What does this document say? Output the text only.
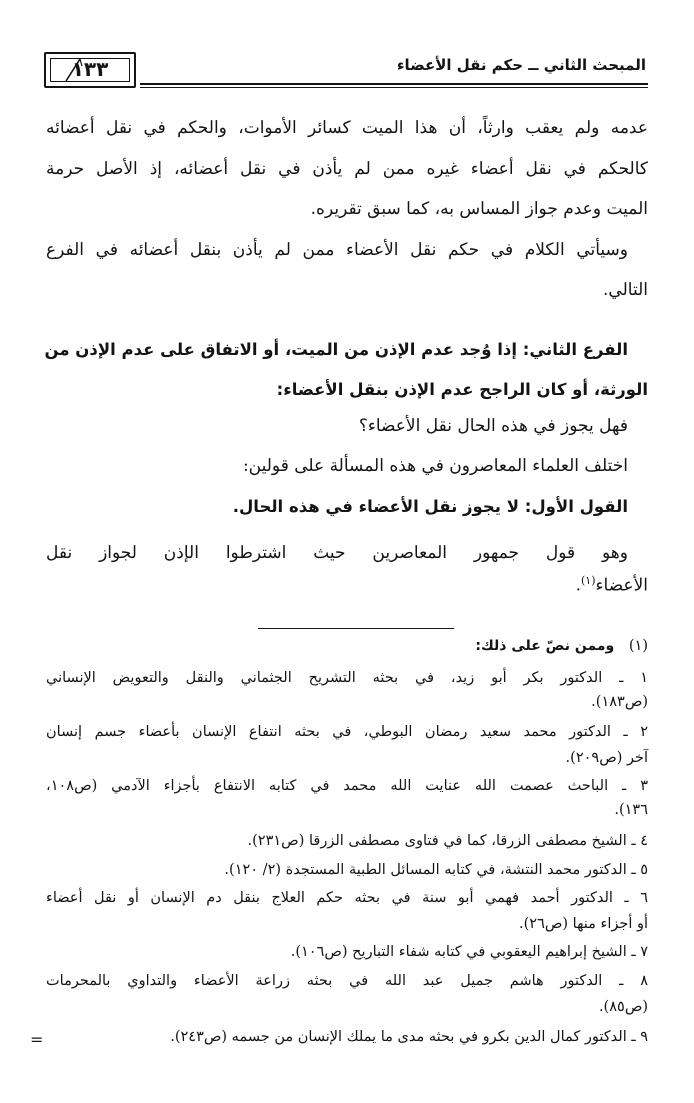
المبحث الثاني ــ حكم نقل الأعضاء
١٣٣
عدمه ولم يعقب وارثاً، أن هذا الميت كسائر الأموات، والحكم في نقل أعضائه
كالحكم في نقل أعضاء غيره ممن لم يأذن في نقل أعضائه، إذ الأصل حرمة
الميت وعدم جواز المساس به، كما سبق تقريره.
وسيأتي الكلام في حكم نقل الأعضاء ممن لم يأذن بنقل أعضائه في الفرع
التالي.
الفرع الثاني: إذا وُجد عدم الإذن من الميت، أو الاتفاق على عدم الإذن من
الورثة، أو كان الراجح عدم الإذن بنقل الأعضاء:
فهل يجوز في هذه الحال نقل الأعضاء؟
اختلف العلماء المعاصرون في هذه المسألة على قولين:
القول الأول: لا يجوز نقل الأعضاء في هذه الحال.
وهو قول جمهور المعاصرين حيث اشترطوا الإذن لجواز نقل
الأعضاء$^{(١)}$.
(١) وممن نصّ على ذلك:
١ ـ الدكتور بكر أبو زيد، في بحثه التشريح الجثماني والنقل والتعويض الإنساني
(ص١٨٣).
٢ ـ الدكتور محمد سعيد رمضان البوطي، في بحثه انتفاع الإنسان بأعضاء جسم إنسان
آخر (ص٢٠٩).
٣ ـ الباحث عصمت الله عنايت الله محمد في كتابه الانتفاع بأجزاء الآدمي (ص١٠٨،
١٣٦).
٤ ـ الشيخ مصطفى الزرقا، كما في فتاوى مصطفى الزرقا (ص٢٣١).
٥ ـ الدكتور محمد النتشة، في كتابه المسائل الطبية المستجدة (٢/ ١٢٠).
٦ ـ الدكتور أحمد فهمي أبو سنة في بحثه حكم العلاج بنقل دم الإنسان أو نقل أعضاء
أو أجزاء منها (ص٢٦).
٧ ـ الشيخ إبراهيم اليعقوبي في كتابه شفاء التباريح (ص١٠٦).
٨ ـ الدكتور هاشم جميل عبد الله في بحثه زراعة الأعضاء والتداوي بالمحرمات
(ص٨٥).
٩ ـ الدكتور كمال الدين بكرو في بحثه مدى ما يملك الإنسان من جسمه (ص٢٤٣).
=
